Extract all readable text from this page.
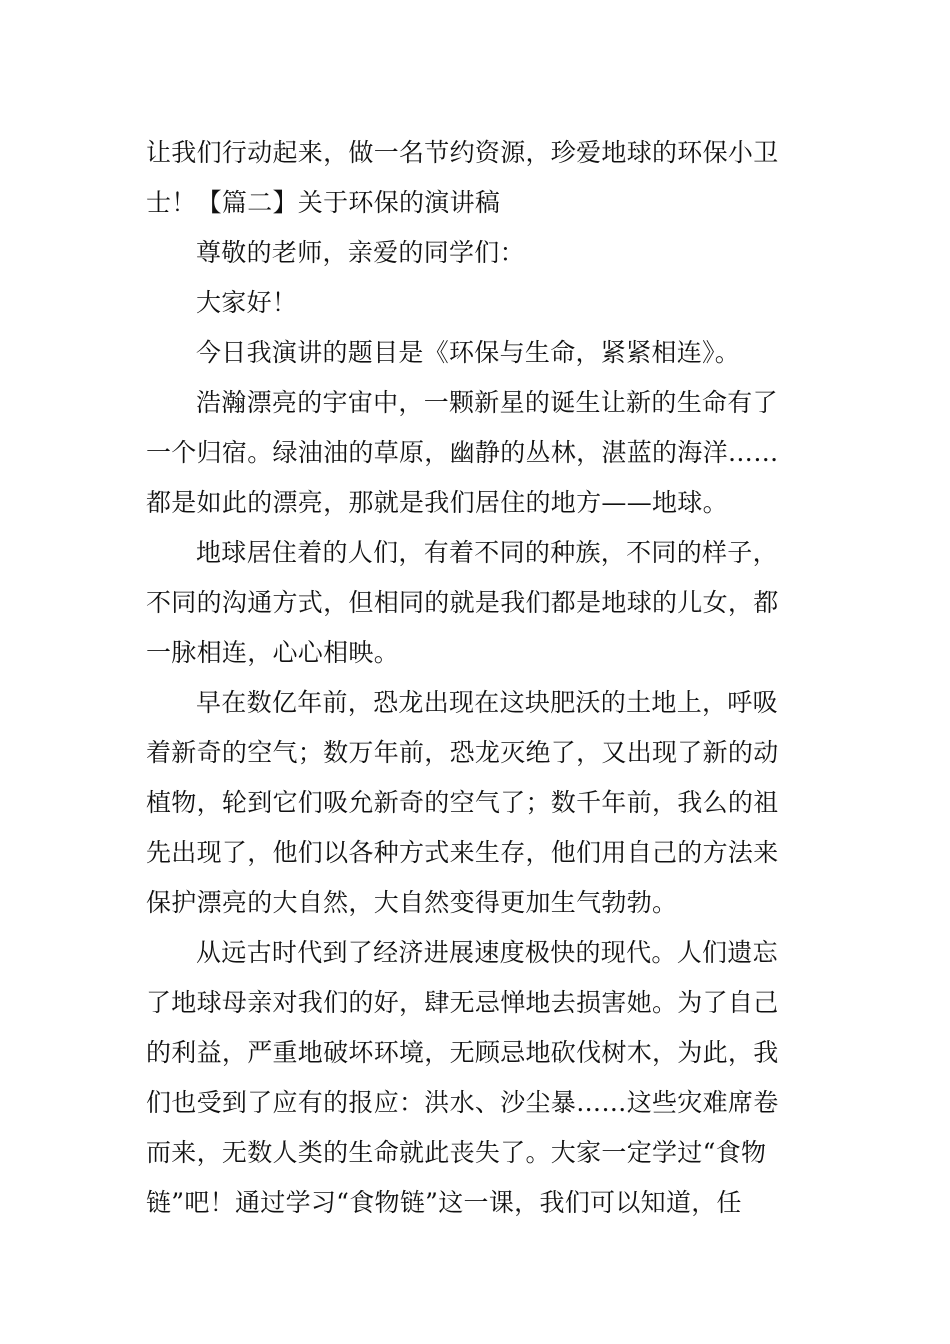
让我们行动起来，做一名节约资源，珍爱地球的环保小卫
士！【篇二】关于环保的演讲稿
尊敬的老师，亲爱的同学们：
大家好！
今日我演讲的题目是《环保与生命，紧紧相连》。
浩瀚漂亮的宇宙中，一颗新星的诞生让新的生命有了
一个归宿。绿油油的草原，幽静的丛林，湛蓝的海洋……
都是如此的漂亮，那就是我们居住的地方——地球。
地球居住着的人们，有着不同的种族，不同的样子，
不同的沟通方式，但相同的就是我们都是地球的儿女，都
一脉相连，心心相映。
早在数亿年前，恐龙出现在这块肥沃的土地上，呼吸
着新奇的空气；数万年前，恐龙灭绝了，又出现了新的动
植物，轮到它们吸允新奇的空气了；数千年前，我么的祖
先出现了，他们以各种方式来生存，他们用自己的方法来
保护漂亮的大自然，大自然变得更加生气勃勃。
从远古时代到了经济进展速度极快的现代。人们遗忘
了地球母亲对我们的好，肆无忌惮地去损害她。为了自己
的利益，严重地破坏环境，无顾忌地砍伐树木，为此，我
们也受到了应有的报应：洪水、沙尘暴……这些灾难席卷
而来，无数人类的生命就此丧失了。大家一定学过“食物
链”吧！通过学习“食物链”这一课，我们可以知道，任
